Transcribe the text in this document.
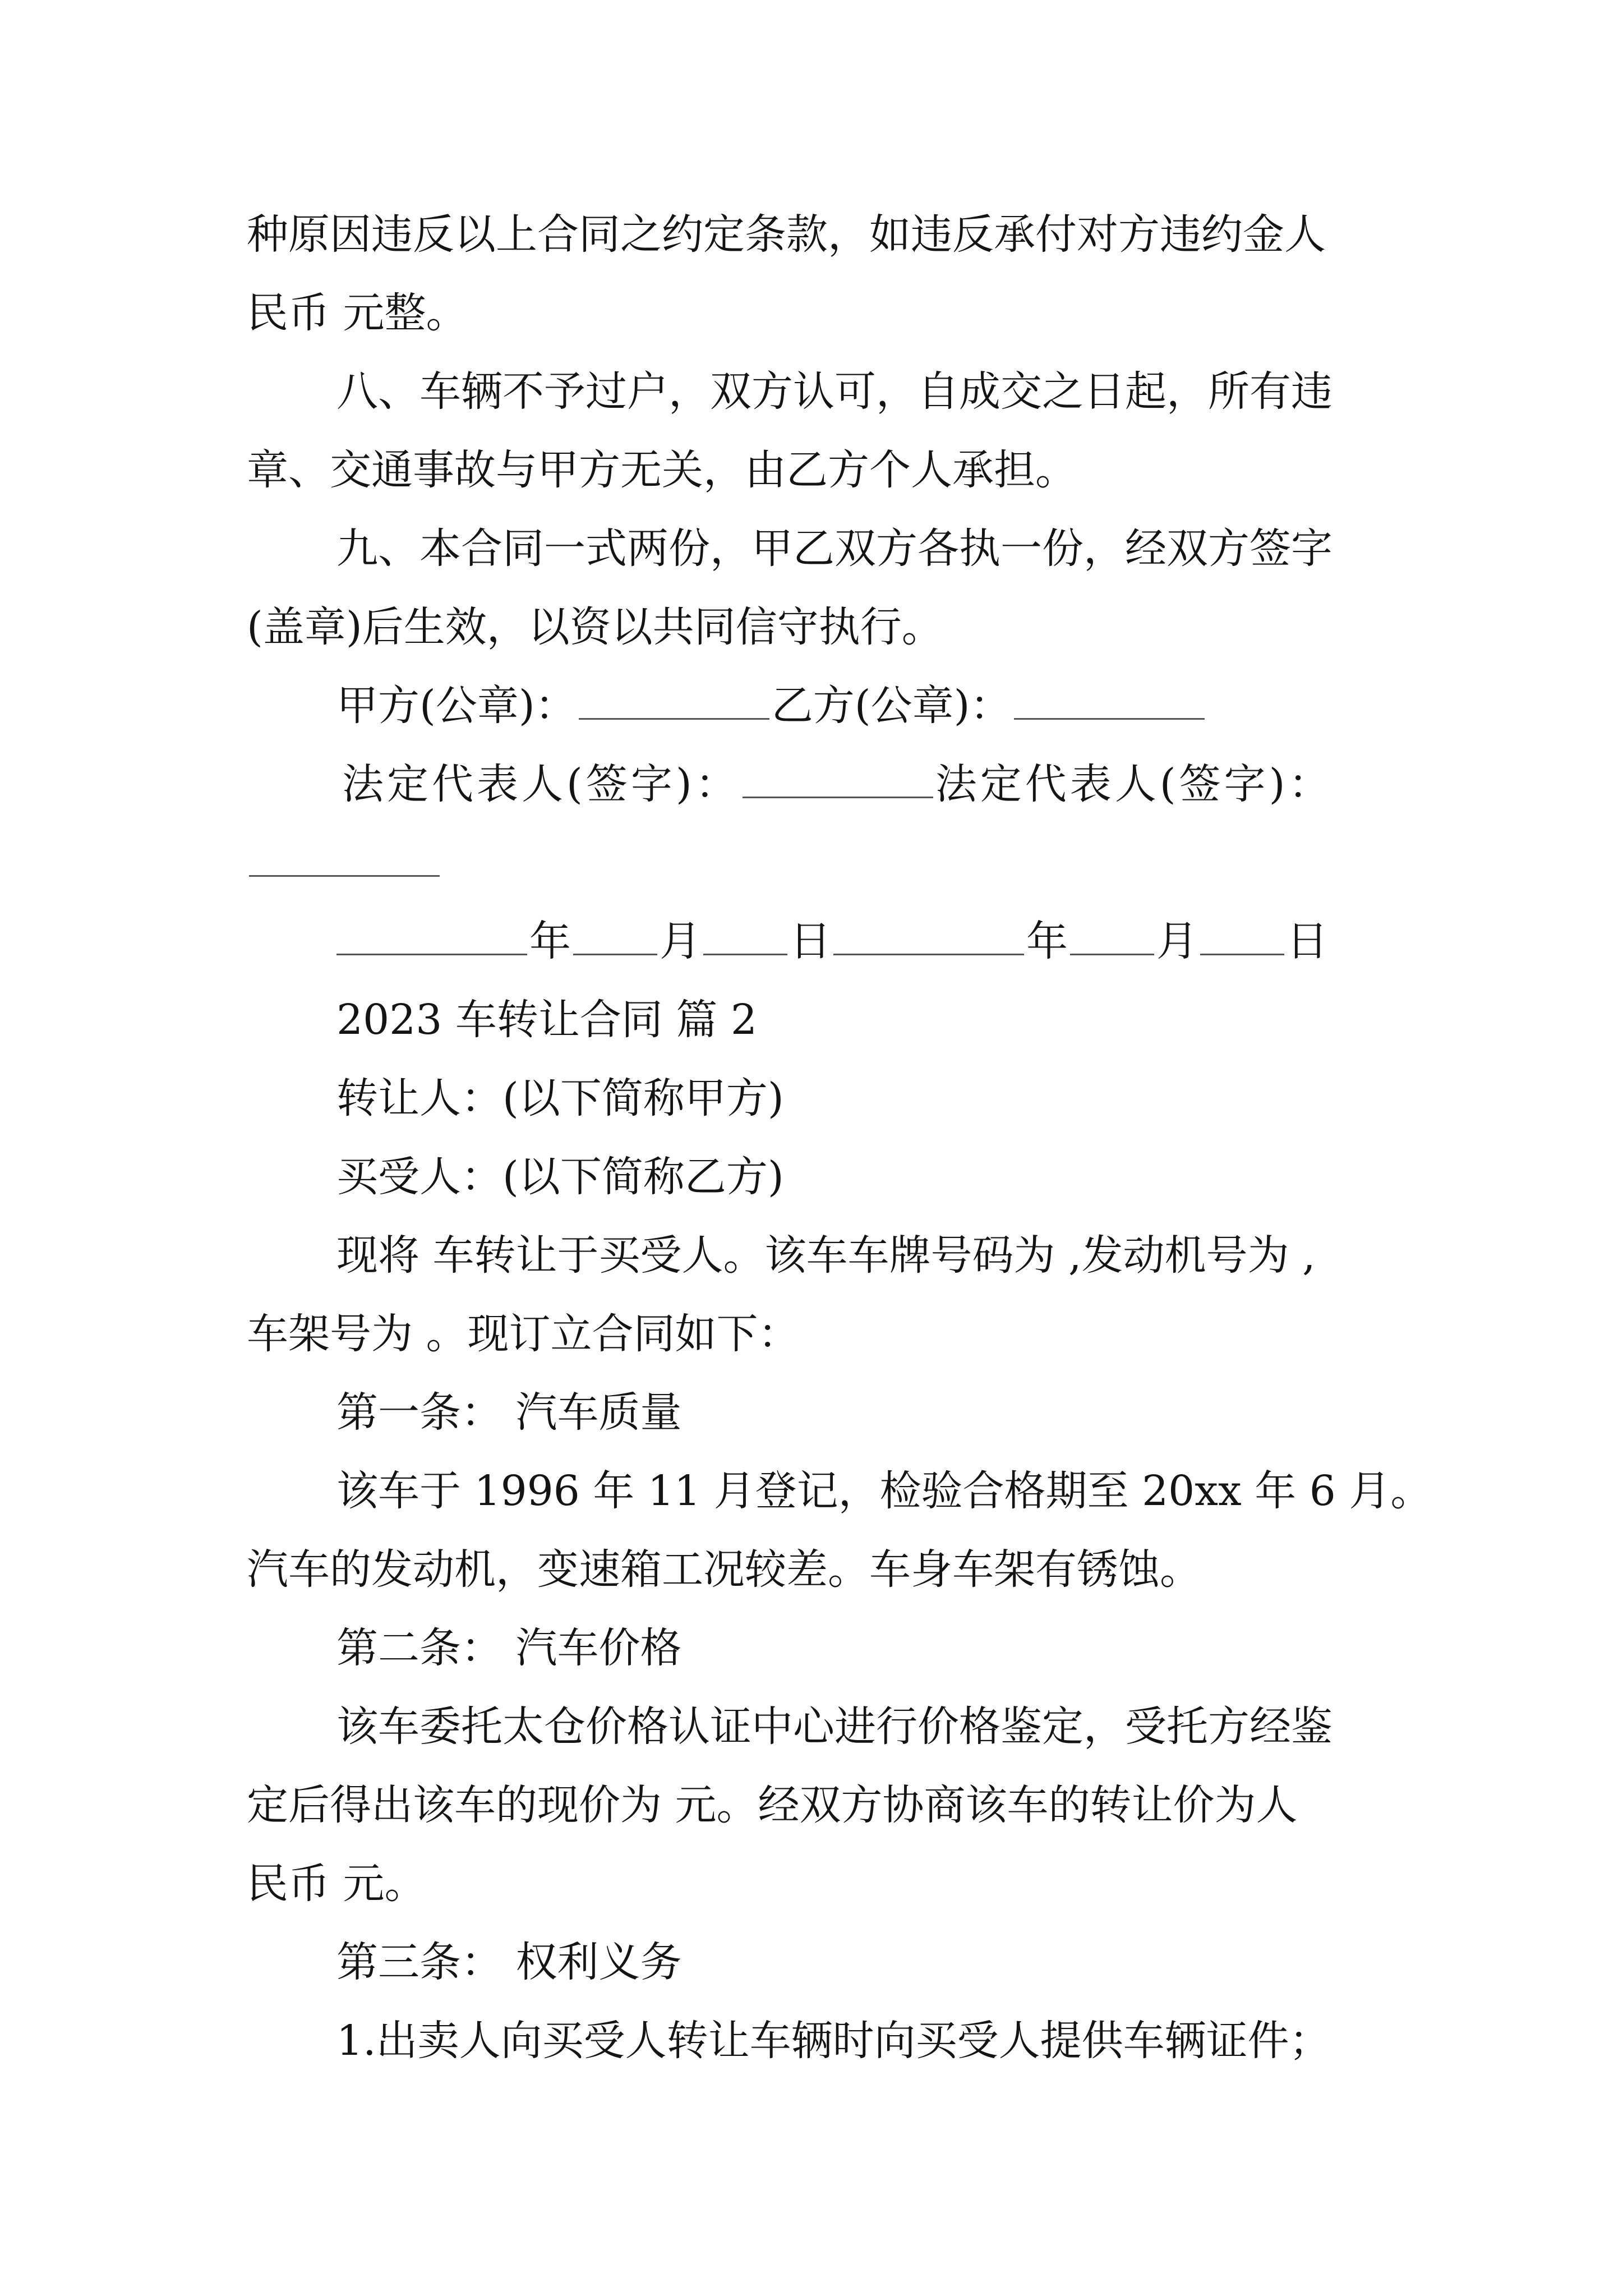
种原因违反以上合同之约定条款，如违反承付对方违约金人
民币 元整。
八、车辆不予过户，双方认可，自成交之日起，所有违
章、交通事故与甲方无关，由乙方个人承担。
九、本合同一式两份，甲乙双方各执一份，经双方签字
(盖章)后生效，以资以共同信守执行。
甲方(公章)：	乙方(公章)：
法定代表人(签字)：	法定代表人(签字)：
年 月 日	年 月 日
2023 车转让合同 篇 2
转让人：(以下简称甲方)
买受人：(以下简称乙方)
现将 车转让于买受人。该车车牌号码为 ,发动机号为 ,
车架号为 。现订立合同如下：
第一条： 汽车质量
该车于 1996 年 11 月登记，检验合格期至 20xx 年 6 月。
汽车的发动机，变速箱工况较差。车身车架有锈蚀。
第二条： 汽车价格
该车委托太仓价格认证中心进行价格鉴定，受托方经鉴
定后得出该车的现价为 元。经双方协商该车的转让价为人
民币 元。
第三条： 权利义务
1.出卖人向买受人转让车辆时向买受人提供车辆证件；
